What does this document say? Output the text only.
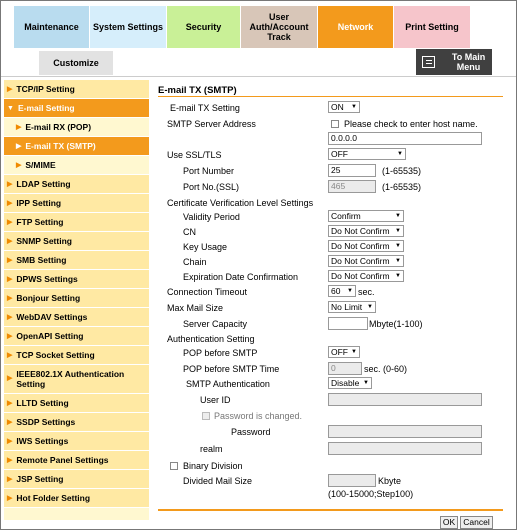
Maintenance	System Settings	Security
User Auth/Account Track
Network	Print Setting
Customize
To Main Menu
▶ TCP/IP Setting
▼ E-mail Setting
▶ E-mail RX (POP)
▶ E-mail TX (SMTP)
▶ S/MIME
▶ LDAP Setting
▶ IPP Setting
▶ FTP Setting
▶ SNMP Setting
▶ SMB Setting
▶ DPWS Settings
▶ Bonjour Setting
▶ WebDAV Settings
▶ OpenAPI Setting
▶ TCP Socket Setting
▶ IEEE802.1X Authentication Setting
▶ LLTD Setting
▶ SSDP Settings
▶ IWS Settings
▶ Remote Panel Settings
▶ JSP Setting
▶ Hot Folder Setting
E-mail TX (SMTP)
E-mail TX Setting	ON ▼
SMTP Server Address	Please check to enter host name.
0.0.0.0
Use SSL/TLS	OFF ▼
Port Number	25	(1-65535)
Port No.(SSL)	465	(1-65535)
Certificate Verification Level Settings
Validity Period	Confirm ▼
CN	Do Not Confirm ▼
Key Usage	Do Not Confirm ▼
Chain	Do Not Confirm ▼
Expiration Date Confirmation	Do Not Confirm ▼
Connection Timeout	60 ▼	sec.
Max Mail Size	No Limit ▼
Server Capacity	Mbyte(1-100)
Authentication Setting
POP before SMTP	OFF ▼
POP before SMTP Time	0	sec. (0-60)
SMTP Authentication	Disable ▼
User ID
Password is changed.
Password
realm
Binary Division
Divided Mail Size	Kbyte
(100-15000;Step100)
OK Cancel
